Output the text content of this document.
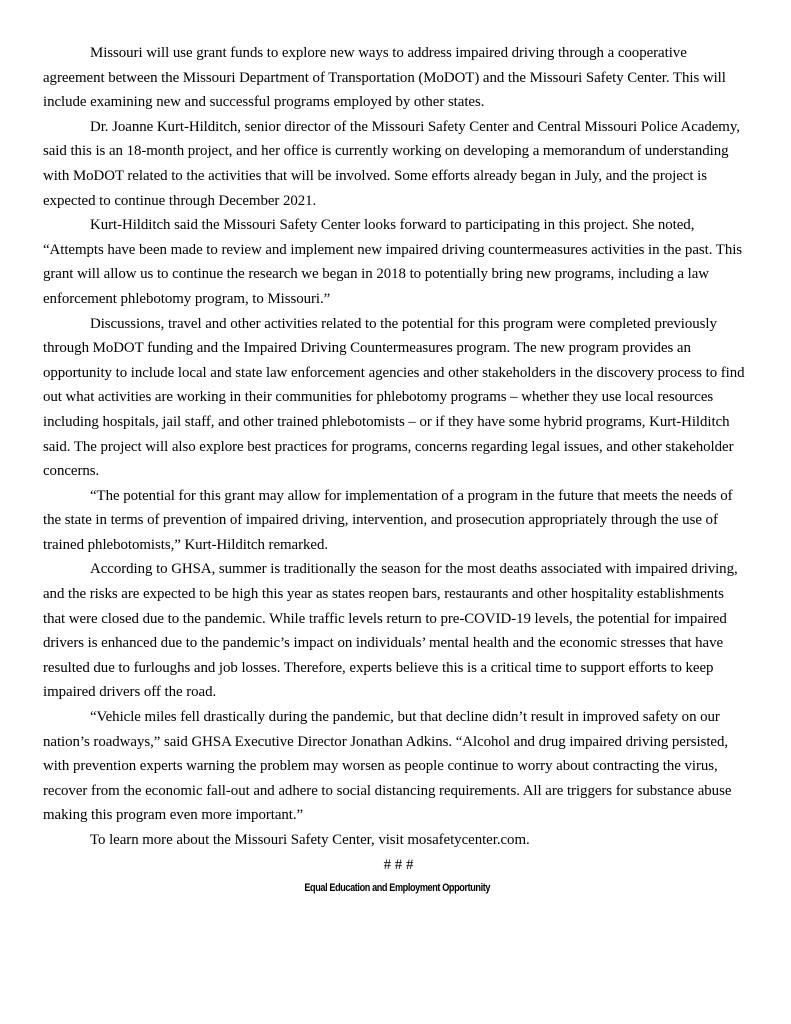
Missouri will use grant funds to explore new ways to address impaired driving through a cooperative agreement between the Missouri Department of Transportation (MoDOT) and the Missouri Safety Center. This will include examining new and successful programs employed by other states.

Dr. Joanne Kurt-Hilditch, senior director of the Missouri Safety Center and Central Missouri Police Academy, said this is an 18-month project, and her office is currently working on developing a memorandum of understanding with MoDOT related to the activities that will be involved. Some efforts already began in July, and the project is expected to continue through December 2021.

Kurt-Hilditch said the Missouri Safety Center looks forward to participating in this project. She noted, “Attempts have been made to review and implement new impaired driving countermeasures activities in the past. This grant will allow us to continue the research we began in 2018 to potentially bring new programs, including a law enforcement phlebotomy program, to Missouri.”

Discussions, travel and other activities related to the potential for this program were completed previously through MoDOT funding and the Impaired Driving Countermeasures program. The new program provides an opportunity to include local and state law enforcement agencies and other stakeholders in the discovery process to find out what activities are working in their communities for phlebotomy programs – whether they use local resources including hospitals, jail staff, and other trained phlebotomists – or if they have some hybrid programs, Kurt-Hilditch said. The project will also explore best practices for programs, concerns regarding legal issues, and other stakeholder concerns.

“The potential for this grant may allow for implementation of a program in the future that meets the needs of the state in terms of prevention of impaired driving, intervention, and prosecution appropriately through the use of trained phlebotomists,” Kurt-Hilditch remarked.

According to GHSA, summer is traditionally the season for the most deaths associated with impaired driving, and the risks are expected to be high this year as states reopen bars, restaurants and other hospitality establishments that were closed due to the pandemic. While traffic levels return to pre-COVID-19 levels, the potential for impaired drivers is enhanced due to the pandemic’s impact on individuals’ mental health and the economic stresses that have resulted due to furloughs and job losses. Therefore, experts believe this is a critical time to support efforts to keep impaired drivers off the road.

“Vehicle miles fell drastically during the pandemic, but that decline didn’t result in improved safety on our nation’s roadways,” said GHSA Executive Director Jonathan Adkins. “Alcohol and drug impaired driving persisted, with prevention experts warning the problem may worsen as people continue to worry about contracting the virus, recover from the economic fall-out and adhere to social distancing requirements. All are triggers for substance abuse making this program even more important.”

To learn more about the Missouri Safety Center, visit mosafetycenter.com.

# # #

Equal Education and Employment Opportunity
